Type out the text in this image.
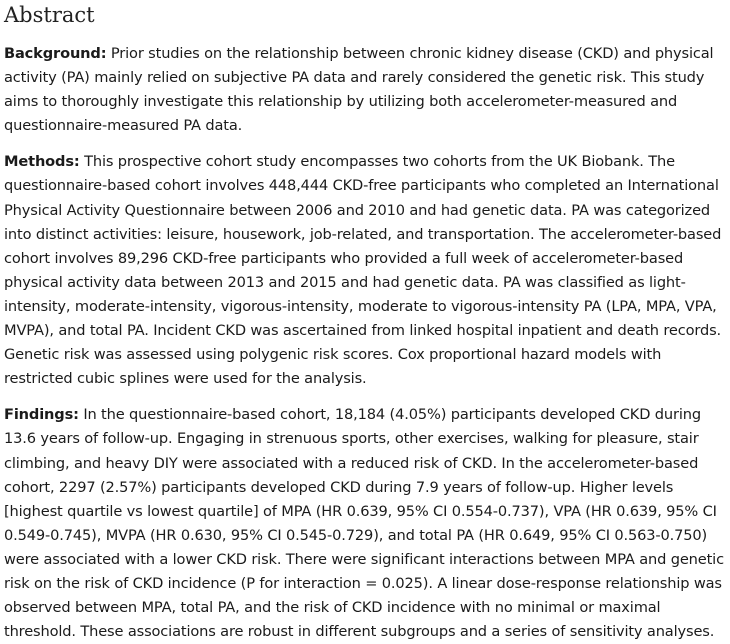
Abstract

Background: Prior studies on the relationship between chronic kidney disease (CKD) and physical activity (PA) mainly relied on subjective PA data and rarely considered the genetic risk. This study aims to thoroughly investigate this relationship by utilizing both accelerometer-measured and questionnaire-measured PA data.

Methods: This prospective cohort study encompasses two cohorts from the UK Biobank. The questionnaire-based cohort involves 448,444 CKD-free participants who completed an International Physical Activity Questionnaire between 2006 and 2010 and had genetic data. PA was categorized into distinct activities: leisure, housework, job-related, and transportation. The accelerometer-based cohort involves 89,296 CKD-free participants who provided a full week of accelerometer-based physical activity data between 2013 and 2015 and had genetic data. PA was classified as light-intensity, moderate-intensity, vigorous-intensity, moderate to vigorous-intensity PA (LPA, MPA, VPA, MVPA), and total PA. Incident CKD was ascertained from linked hospital inpatient and death records. Genetic risk was assessed using polygenic risk scores. Cox proportional hazard models with restricted cubic splines were used for the analysis.

Findings: In the questionnaire-based cohort, 18,184 (4.05%) participants developed CKD during 13.6 years of follow-up. Engaging in strenuous sports, other exercises, walking for pleasure, stair climbing, and heavy DIY were associated with a reduced risk of CKD. In the accelerometer-based cohort, 2297 (2.57%) participants developed CKD during 7.9 years of follow-up. Higher levels [highest quartile vs lowest quartile] of MPA (HR 0.639, 95% CI 0.554-0.737), VPA (HR 0.639, 95% CI 0.549-0.745), MVPA (HR 0.630, 95% CI 0.545-0.729), and total PA (HR 0.649, 95% CI 0.563-0.750) were associated with a lower CKD risk. There were significant interactions between MPA and genetic risk on the risk of CKD incidence (P for interaction = 0.025). A linear dose-response relationship was observed between MPA, total PA, and the risk of CKD incidence with no minimal or maximal threshold. These associations are robust in different subgroups and a series of sensitivity analyses.
